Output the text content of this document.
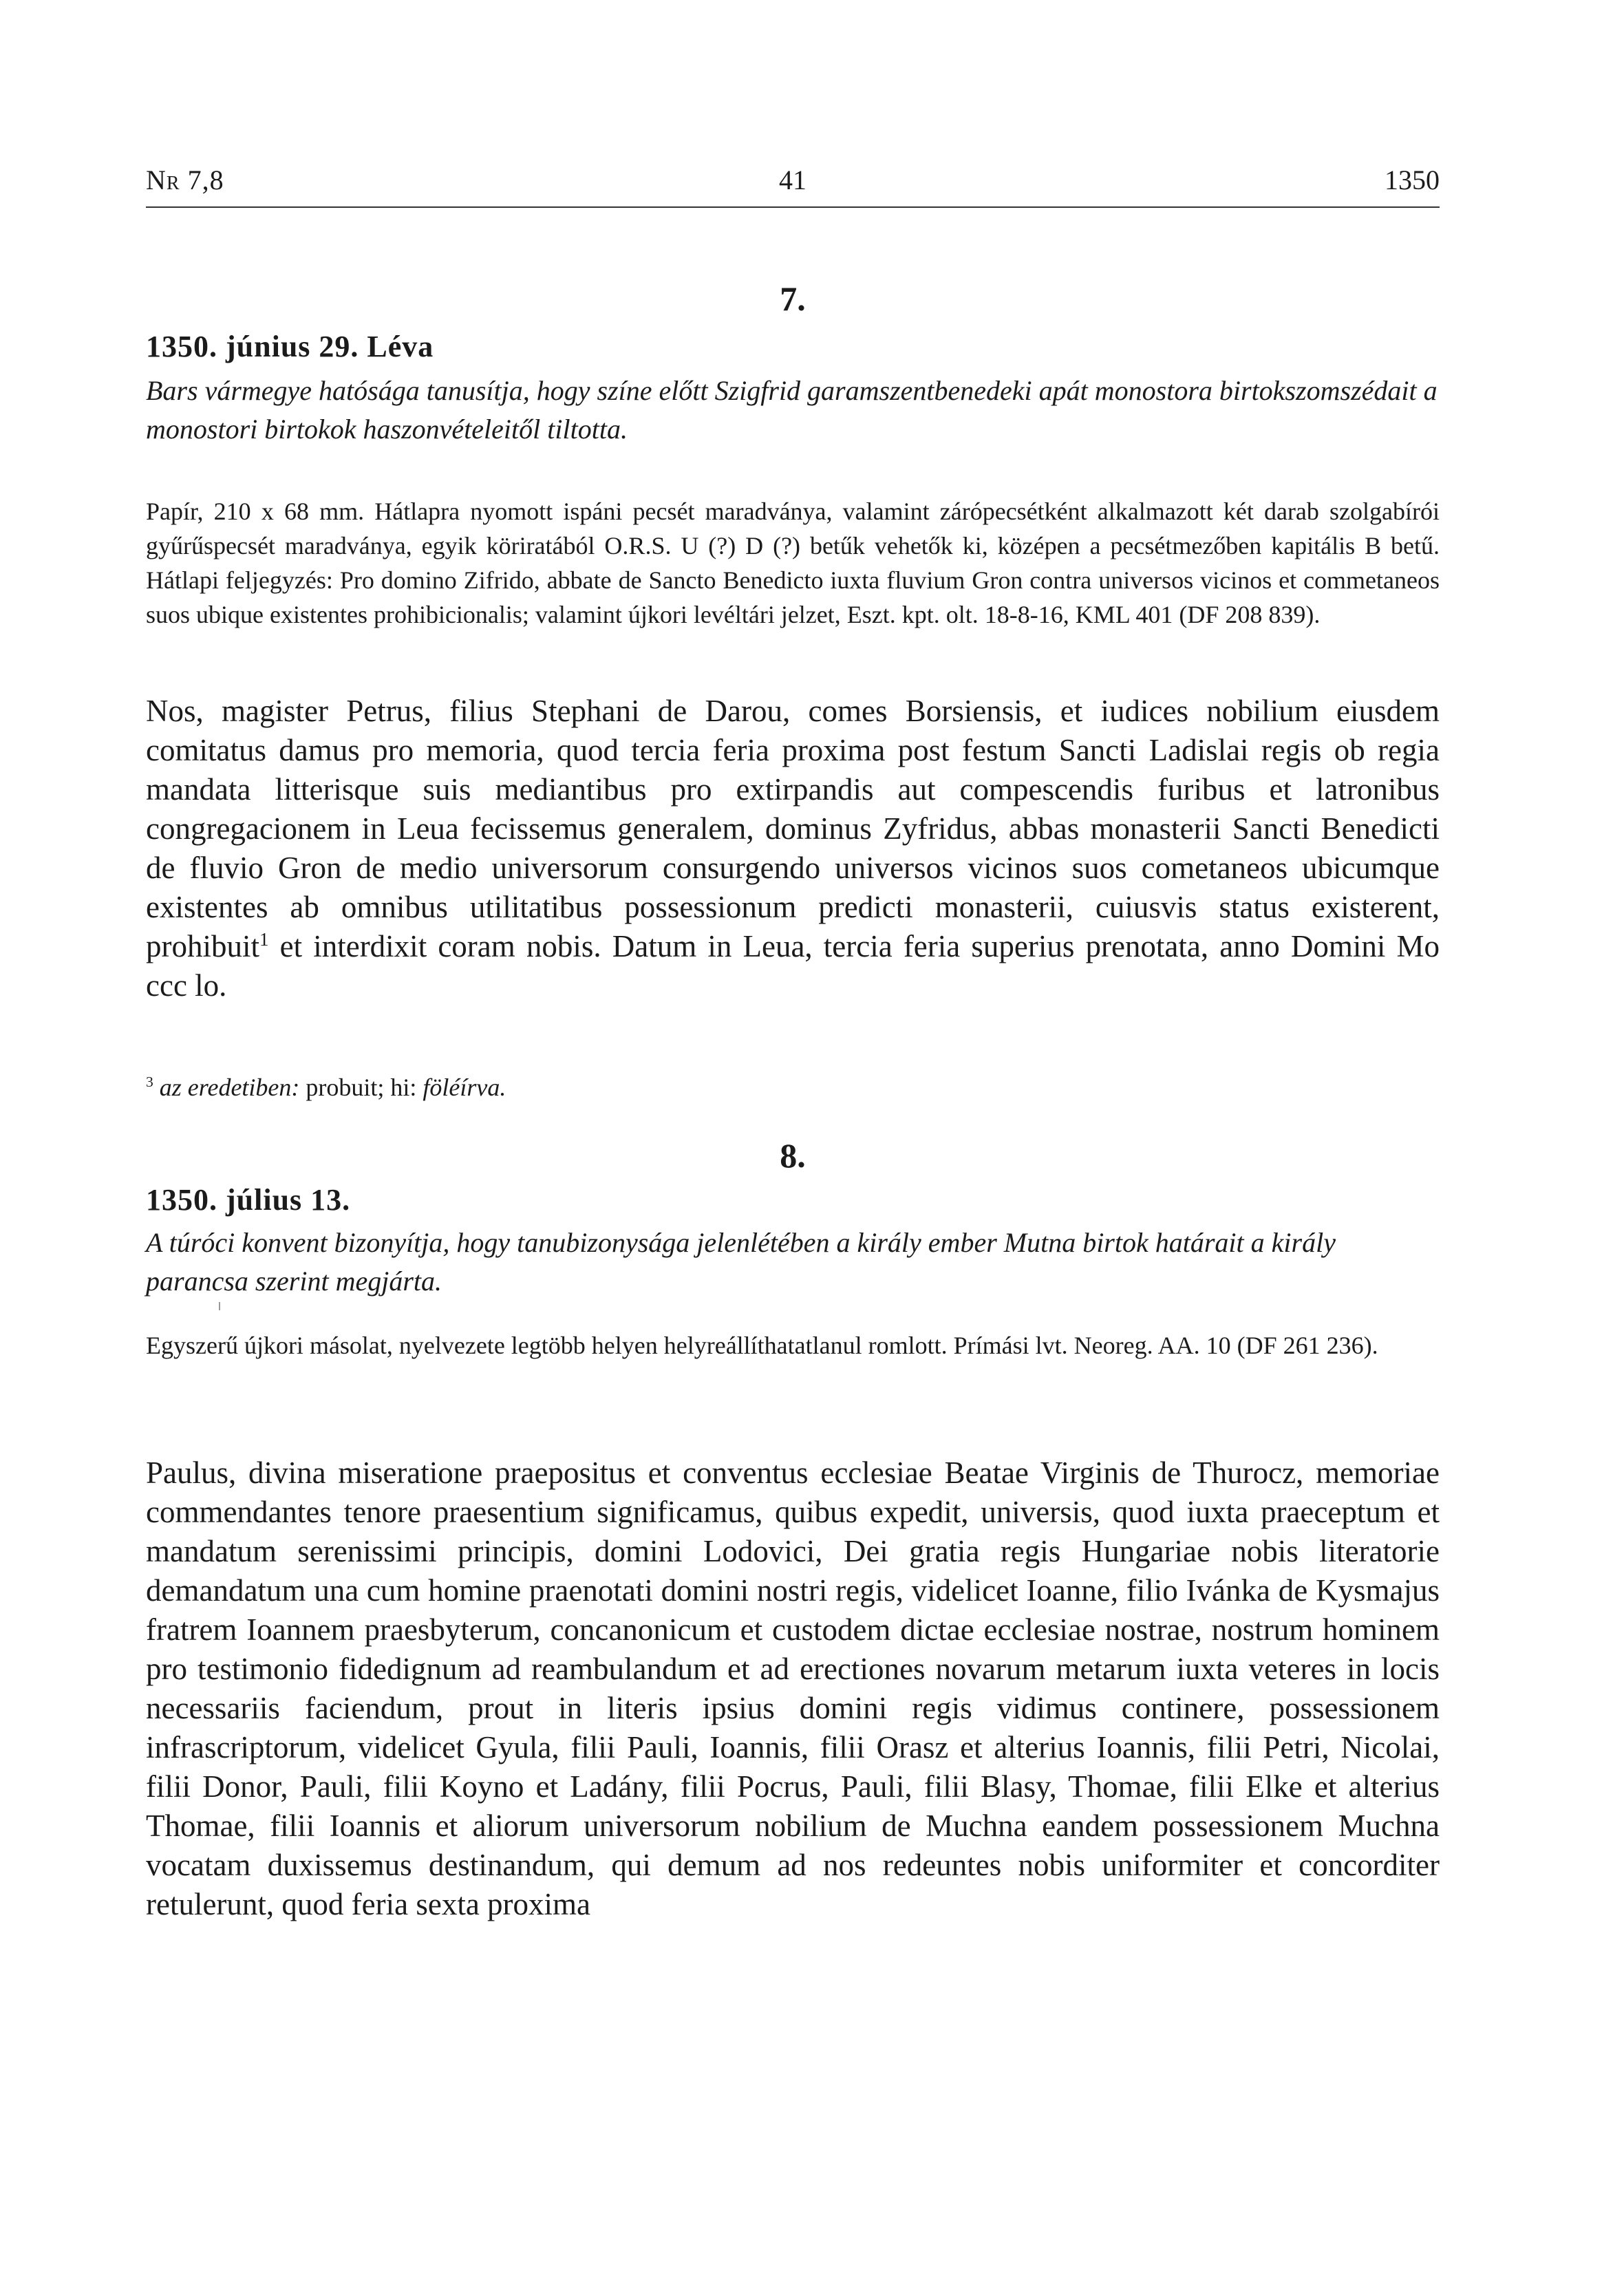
Nr 7,8	41	1350
7.
1350. június 29. Léva

Bars vármegye hatósága tanusítja, hogy színe előtt Szigfrid garamszentbenedeki apát monostora birtokszomszédait a monostori birtokok haszonvételeitől tiltotta.

Papír, 210 x 68 mm. Hátlapra nyomott ispáni pecsét maradványa, valamint zárópecsétként alkalmazott két darab szolgabírói gyűrűspecsét maradványa, egyik köriratából O.R.S. U (?) D (?) betűk vehetők ki, középen a pecsétmezőben kapitális B betű. Hátlapi feljegyzés: Pro domino Zifrido, abbate de Sancto Benedicto iuxta fluvium Gron contra universos vicinos et commetaneos suos ubique existentes prohibicionalis; valamint újkori levéltári jelzet, Eszt. kpt. olt. 18-8-16, KML 401 (DF 208 839).

Nos, magister Petrus, filius Stephani de Darou, comes Borsiensis, et iudices nobilium eiusdem comitatus damus pro memoria, quod tercia feria proxima post festum Sancti Ladislai regis ob regia mandata litterisque suis mediantibus pro extirpandis aut compescendis furibus et latronibus congregacionem in Leua fecissemus generalem, dominus Zyfridus, abbas monasterii Sancti Benedicti de fluvio Gron de medio universorum consurgendo universos vicinos suos cometaneos ubicumque existentes ab omnibus utilitatibus possessionum predicti monasterii, cuiusvis status existerent, prohibuit$^1$ et interdixit coram nobis. Datum in Leua, tercia feria superius prenotata, anno Domini Mo ccc lo.

$^3$ az eredetiben: probuit; hi: föléírva.

8.
1350. július 13.

A túróci konvent bizonyítja, hogy tanubizonysága jelenlétében a király ember Mutna birtok határait a király parancsa szerint megjárta.

Egyszerű újkori másolat, nyelvezete legtöbb helyen helyreállíthatatlanul romlott. Prímási lvt. Neoreg. AA. 10 (DF 261 236).

Paulus, divina miseratione praepositus et conventus ecclesiae Beatae Virginis de Thurocz, memoriae commendantes tenore praesentium significamus, quibus expedit, universis, quod iuxta praeceptum et mandatum serenissimi principis, domini Lodovici, Dei gratia regis Hungariae nobis literatorie demandatum una cum homine praenotati domini nostri regis, videlicet Ioanne, filio Ivánka de Kysmajus fratrem Ioannem praesbyterum, concanonicum et custodem dictae ecclesiae nostrae, nostrum hominem pro testimonio fidedignum ad reambulandum et ad erectiones novarum metarum iuxta veteres in locis necessariis faciendum, prout in literis ipsius domini regis vidimus continere, possessionem infrascriptorum, videlicet Gyula, filii Pauli, Ioannis, filii Orasz et alterius Ioannis, filii Petri, Nicolai, filii Donor, Pauli, filii Koyno et Ladány, filii Pocrus, Pauli, filii Blasy, Thomae, filii Elke et alterius Thomae, filii Ioannis et aliorum universorum nobilium de Muchna eandem possessionem Muchna vocatam duxissemus destinandum, qui demum ad nos redeuntes nobis uniformiter et concorditer retulerunt, quod feria sexta proxima
